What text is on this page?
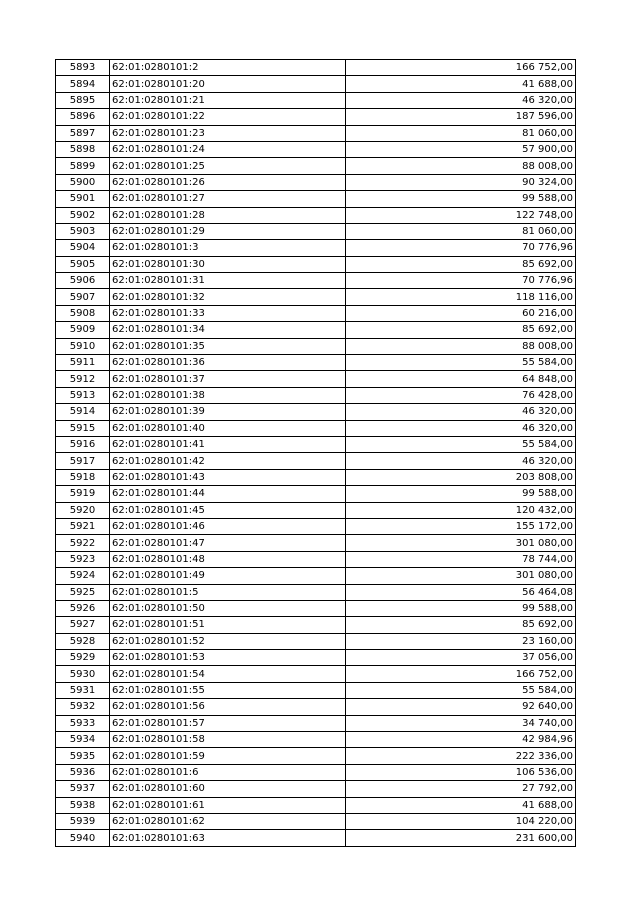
5893	62:01:0280101:2	166 752,00
5894	62:01:0280101:20	41 688,00
5895	62:01:0280101:21	46 320,00
5896	62:01:0280101:22	187 596,00
5897	62:01:0280101:23	81 060,00
5898	62:01:0280101:24	57 900,00
5899	62:01:0280101:25	88 008,00
5900	62:01:0280101:26	90 324,00
5901	62:01:0280101:27	99 588,00
5902	62:01:0280101:28	122 748,00
5903	62:01:0280101:29	81 060,00
5904	62:01:0280101:3	70 776,96
5905	62:01:0280101:30	85 692,00
5906	62:01:0280101:31	70 776,96
5907	62:01:0280101:32	118 116,00
5908	62:01:0280101:33	60 216,00
5909	62:01:0280101:34	85 692,00
5910	62:01:0280101:35	88 008,00
5911	62:01:0280101:36	55 584,00
5912	62:01:0280101:37	64 848,00
5913	62:01:0280101:38	76 428,00
5914	62:01:0280101:39	46 320,00
5915	62:01:0280101:40	46 320,00
5916	62:01:0280101:41	55 584,00
5917	62:01:0280101:42	46 320,00
5918	62:01:0280101:43	203 808,00
5919	62:01:0280101:44	99 588,00
5920	62:01:0280101:45	120 432,00
5921	62:01:0280101:46	155 172,00
5922	62:01:0280101:47	301 080,00
5923	62:01:0280101:48	78 744,00
5924	62:01:0280101:49	301 080,00
5925	62:01:0280101:5	56 464,08
5926	62:01:0280101:50	99 588,00
5927	62:01:0280101:51	85 692,00
5928	62:01:0280101:52	23 160,00
5929	62:01:0280101:53	37 056,00
5930	62:01:0280101:54	166 752,00
5931	62:01:0280101:55	55 584,00
5932	62:01:0280101:56	92 640,00
5933	62:01:0280101:57	34 740,00
5934	62:01:0280101:58	42 984,96
5935	62:01:0280101:59	222 336,00
5936	62:01:0280101:6	106 536,00
5937	62:01:0280101:60	27 792,00
5938	62:01:0280101:61	41 688,00
5939	62:01:0280101:62	104 220,00
5940	62:01:0280101:63	231 600,00
